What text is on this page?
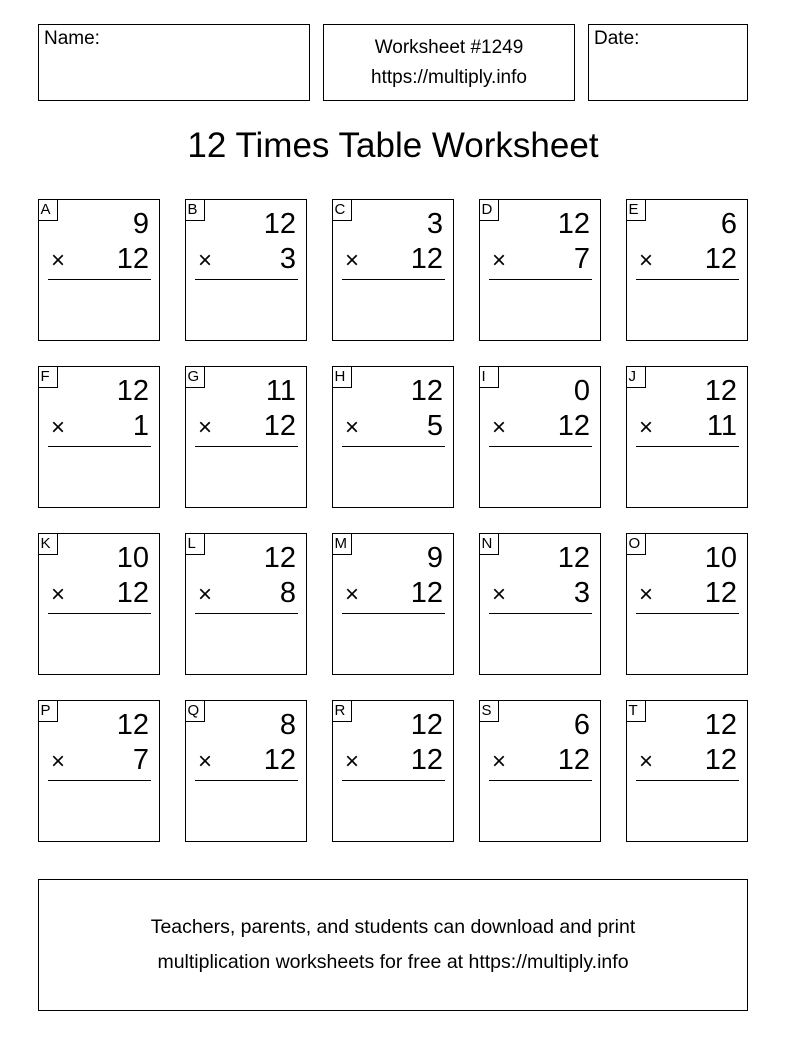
Name:	Worksheet #1249
https://multiply.info
Date:
12 Times Table Worksheet
A	9
× 12
B 12
× 3
C	3
× 12
D 12
× 7
E	6
× 12
F 12
× 1
G 11
× 12
H 12
× 5
I	0
× 12
J	12
× 11
K 10
× 12
L 12
× 8
M	9
× 12
N 12
× 3
O 10
× 12
P 12
× 7
Q	8
× 12
R 12
× 12
S	6
× 12
T 12
× 12
Teachers, parents, and students can download and print
multiplication worksheets for free at https://multiply.info
